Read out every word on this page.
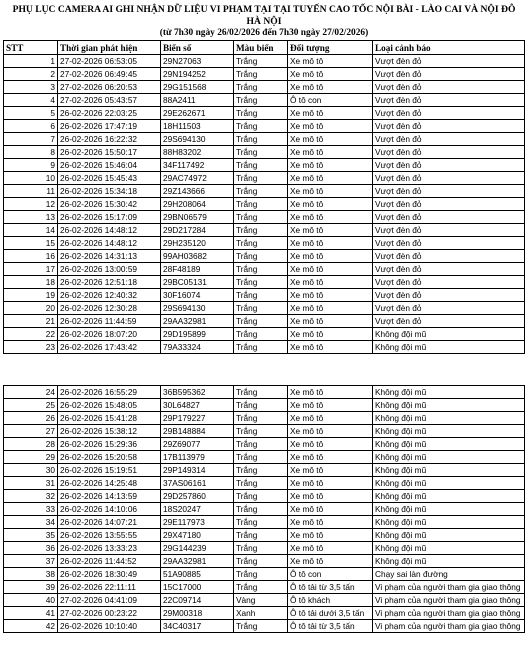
PHỤ LỤC CAMERA AI GHI NHẬN DỮ LIỆU VI PHẠM TẠI TẠI TUYẾN CAO TỐC NỘI BÀI - LÀO CAI VÀ NỘI ĐÔ
HÀ NỘI

(từ 7h30 ngày 26/02/2026 đến 7h30 ngày 27/02/2026)

STT	Thời gian phát hiện	Biển số	Màu biển	Đối tượng	Loại cảnh báo
1	27-02-2026 06:53:05	29N27063	Trắng	Xe mô tô	Vượt đèn đỏ
2	27-02-2026 06:49:45	29N194252	Trắng	Xe mô tô	Vượt đèn đỏ
3	27-02-2026 06:20:53	29G151568	Trắng	Xe mô tô	Vượt đèn đỏ
4	27-02-2026 05:43:57	88A2411	Trắng	Ô tô con	Vượt đèn đỏ
5	26-02-2026 22:03:25	29E262671	Trắng	Xe mô tô	Vượt đèn đỏ
6	26-02-2026 17:47:19	18H11503	Trắng	Xe mô tô	Vượt đèn đỏ
7	26-02-2026 16:22:32	29S694130	Trắng	Xe mô tô	Vượt đèn đỏ
8	26-02-2026 15:50:17	88H83202	Trắng	Xe mô tô	Vượt đèn đỏ
9	26-02-2026 15:46:04	34F117492	Trắng	Xe mô tô	Vượt đèn đỏ
10	26-02-2026 15:45:43	29AC74972	Trắng	Xe mô tô	Vượt đèn đỏ
11	26-02-2026 15:34:18	29Z143666	Trắng	Xe mô tô	Vượt đèn đỏ
12	26-02-2026 15:30:42	29H208064	Trắng	Xe mô tô	Vượt đèn đỏ
13	26-02-2026 15:17:09	29BN06579	Trắng	Xe mô tô	Vượt đèn đỏ
14	26-02-2026 14:48:12	29D217284	Trắng	Xe mô tô	Vượt đèn đỏ
15	26-02-2026 14:48:12	29H235120	Trắng	Xe mô tô	Vượt đèn đỏ
16	26-02-2026 14:31:13	99AH03682	Trắng	Xe mô tô	Vượt đèn đỏ
17	26-02-2026 13:00:59	28F48189	Trắng	Xe mô tô	Vượt đèn đỏ
18	26-02-2026 12:51:18	29BC05131	Trắng	Xe mô tô	Vượt đèn đỏ
19	26-02-2026 12:40:32	30F16074	Trắng	Xe mô tô	Vượt đèn đỏ
20	26-02-2026 12:30:28	29S694130	Trắng	Xe mô tô	Vượt đèn đỏ
21	26-02-2026 11:44:59	29AA32981	Trắng	Xe mô tô	Vượt đèn đỏ
22	26-02-2026 18:07:20	29D195899	Trắng	Xe mô tô	Không đội mũ
23	26-02-2026 17:43:42	79A33324	Trắng	Xe mô tô	Không đội mũ
24	26-02-2026 16:55:29	36B595362	Trắng	Xe mô tô	Không đội mũ
25	26-02-2026 15:48:05	30L64827	Trắng	Xe mô tô	Không đội mũ
26	26-02-2026 15:41:28	29P179227	Trắng	Xe mô tô	Không đội mũ
27	26-02-2026 15:38:12	29B148884	Trắng	Xe mô tô	Không đội mũ
28	26-02-2026 15:29:36	29Z69077	Trắng	Xe mô tô	Không đội mũ
29	26-02-2026 15:20:58	17B113979	Trắng	Xe mô tô	Không đội mũ
30	26-02-2026 15:19:51	29P149314	Trắng	Xe mô tô	Không đội mũ
31	26-02-2026 14:25:48	37AS06161	Trắng	Xe mô tô	Không đội mũ
32	26-02-2026 14:13:59	29D257860	Trắng	Xe mô tô	Không đội mũ
33	26-02-2026 14:10:06	18S20247	Trắng	Xe mô tô	Không đội mũ
34	26-02-2026 14:07:21	29E117973	Trắng	Xe mô tô	Không đội mũ
35	26-02-2026 13:55:55	29X47180	Trắng	Xe mô tô	Không đội mũ
36	26-02-2026 13:33:23	29G144239	Trắng	Xe mô tô	Không đội mũ
37	26-02-2026 11:44:52	29AA32981	Trắng	Xe mô tô	Không đội mũ
38	26-02-2026 18:30:49	51A90885	Trắng	Ô tô con	Chạy sai làn đường
39	26-02-2026 22:11:11	15C17000	Trắng	Ô tô tải từ 3,5 tấn	Vi phạm của người tham gia giao thông
40	27-02-2026 04:41:09	22C09714	Vàng	Ô tô khách	Vi phạm của người tham gia giao thông
41	27-02-2026 00:23:22	29M00318	Xanh	Ô tô tải dưới 3,5 tấn	Vi phạm của người tham gia giao thông
42	26-02-2026 10:10:40	34C40317	Trắng	Ô tô tải từ 3,5 tấn	Vi phạm của người tham gia giao thông
